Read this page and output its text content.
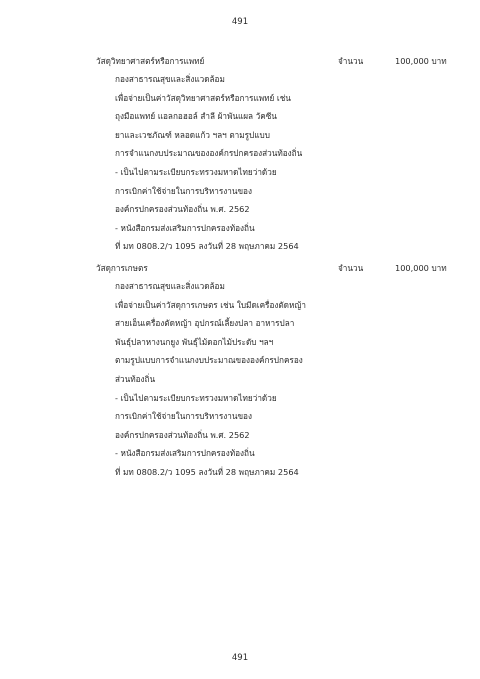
491
วัสดุวิทยาศาสตร์หรือการแพทย์	จำนวน	100,000 บาท
กองสาธารณสุขและสิ่งแวดล้อม
เพื่อจ่ายเป็นค่าวัสดุวิทยาศาสตร์หรือการแพทย์ เช่น
ถุงมือแพทย์ แอลกอฮอล์ สำลี ผ้าพันแผล วัคซีน
ยาและเวชภัณฑ์ หลอดแก้ว ฯลฯ ตามรูปแบบ
การจำแนกงบประมาณขององค์กรปกครองส่วนท้องถิ่น
- เป็นไปตามระเบียบกระทรวงมหาดไทยว่าด้วย
การเบิกค่าใช้จ่ายในการบริหารงานของ
องค์กรปกครองส่วนท้องถิ่น พ.ศ. 2562
- หนังสือกรมส่งเสริมการปกครองท้องถิ่น
ที่ มท 0808.2/ว 1095 ลงวันที่ 28 พฤษภาคม 2564
วัสดุการเกษตร	จำนวน	100,000 บาท
กองสาธารณสุขและสิ่งแวดล้อม
เพื่อจ่ายเป็นค่าวัสดุการเกษตร เช่น ใบมีดเครื่องตัดหญ้า
สายเอ็นเครื่องตัดหญ้า อุปกรณ์เลี้ยงปลา อาหารปลา
พันธุ์ปลาหางนกยูง พันธุ์ไม้ดอกไม้ประดับ ฯลฯ
ตามรูปแบบการจำแนกงบประมาณขององค์กรปกครอง
ส่วนท้องถิ่น
- เป็นไปตามระเบียบกระทรวงมหาดไทยว่าด้วย
การเบิกค่าใช้จ่ายในการบริหารงานของ
องค์กรปกครองส่วนท้องถิ่น พ.ศ. 2562
- หนังสือกรมส่งเสริมการปกครองท้องถิ่น
ที่ มท 0808.2/ว 1095 ลงวันที่ 28 พฤษภาคม 2564
491
